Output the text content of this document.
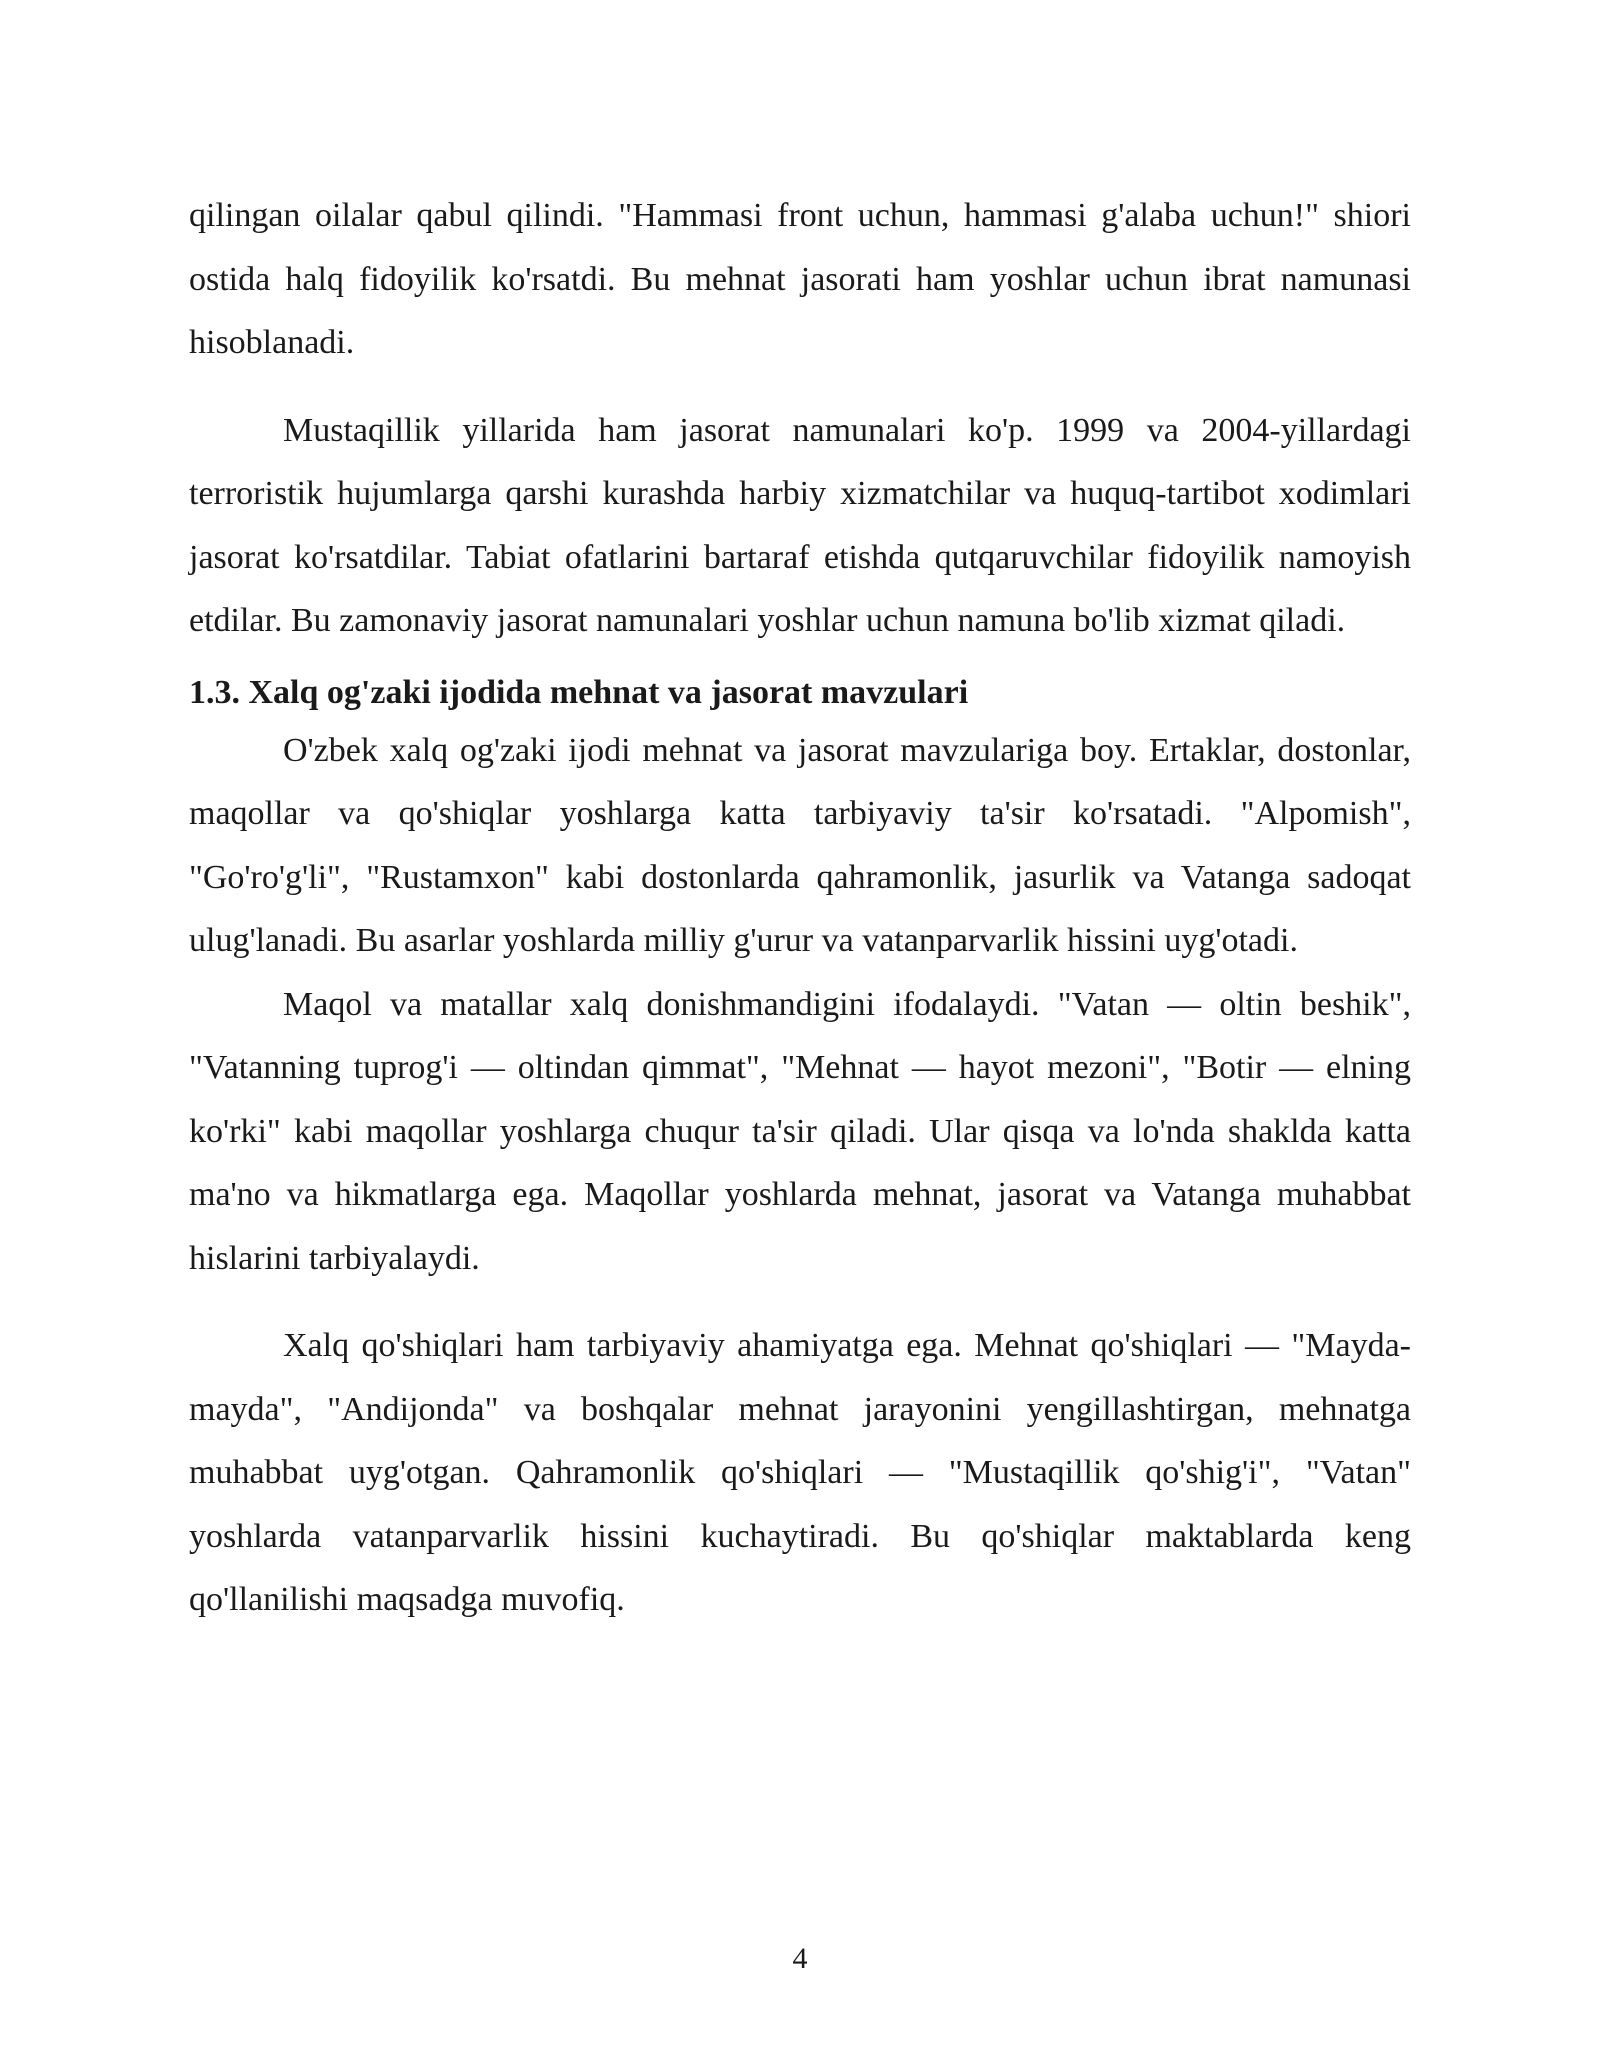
qilingan oilalar qabul qilindi. "Hammasi front uchun, hammasi g'alaba uchun!" shiori ostida halq fidoyilik ko'rsatdi. Bu mehnat jasorati ham yoshlar uchun ibrat namunasi hisoblanadi.

Mustaqillik yillarida ham jasorat namunalari ko'p. 1999 va 2004-yillardagi terroristik hujumlarga qarshi kurashda harbiy xizmatchilar va huquq-tartibot xodimlari jasorat ko'rsatdilar. Tabiat ofatlarini bartaraf etishda qutqaruvchilar fidoyilik namoyish etdilar. Bu zamonaviy jasorat namunalari yoshlar uchun namuna bo'lib xizmat qiladi.

1.3. Xalq og'zaki ijodida mehnat va jasorat mavzulari

O'zbek xalq og'zaki ijodi mehnat va jasorat mavzulariga boy. Ertaklar, dostonlar, maqollar va qo'shiqlar yoshlarga katta tarbiyaviy ta'sir ko'rsatadi. "Alpomish", "Go'ro'g'li", "Rustamxon" kabi dostonlarda qahramonlik, jasurlik va Vatanga sadoqat ulug'lanadi. Bu asarlar yoshlarda milliy g'urur va vatanparvarlik hissini uyg'otadi.

Maqol va matallar xalq donishmandigini ifodalaydi. "Vatan — oltin beshik", "Vatanning tuprog'i — oltindan qimmat", "Mehnat — hayot mezoni", "Botir — elning ko'rki" kabi maqollar yoshlarga chuqur ta'sir qiladi. Ular qisqa va lo'nda shaklda katta ma'no va hikmatlarga ega. Maqollar yoshlarda mehnat, jasorat va Vatanga muhabbat hislarini tarbiyalaydi.

Xalq qo'shiqlari ham tarbiyaviy ahamiyatga ega. Mehnat qo'shiqlari — "Mayda-mayda", "Andijonda" va boshqalar mehnat jarayonini yengillashtirgan, mehnatga muhabbat uyg'otgan. Qahramonlik qo'shiqlari — "Mustaqillik qo'shig'i", "Vatan" yoshlarda vatanparvarlik hissini kuchaytiradi. Bu qo'shiqlar maktablarda keng qo'llanilishi maqsadga muvofiq.

4
